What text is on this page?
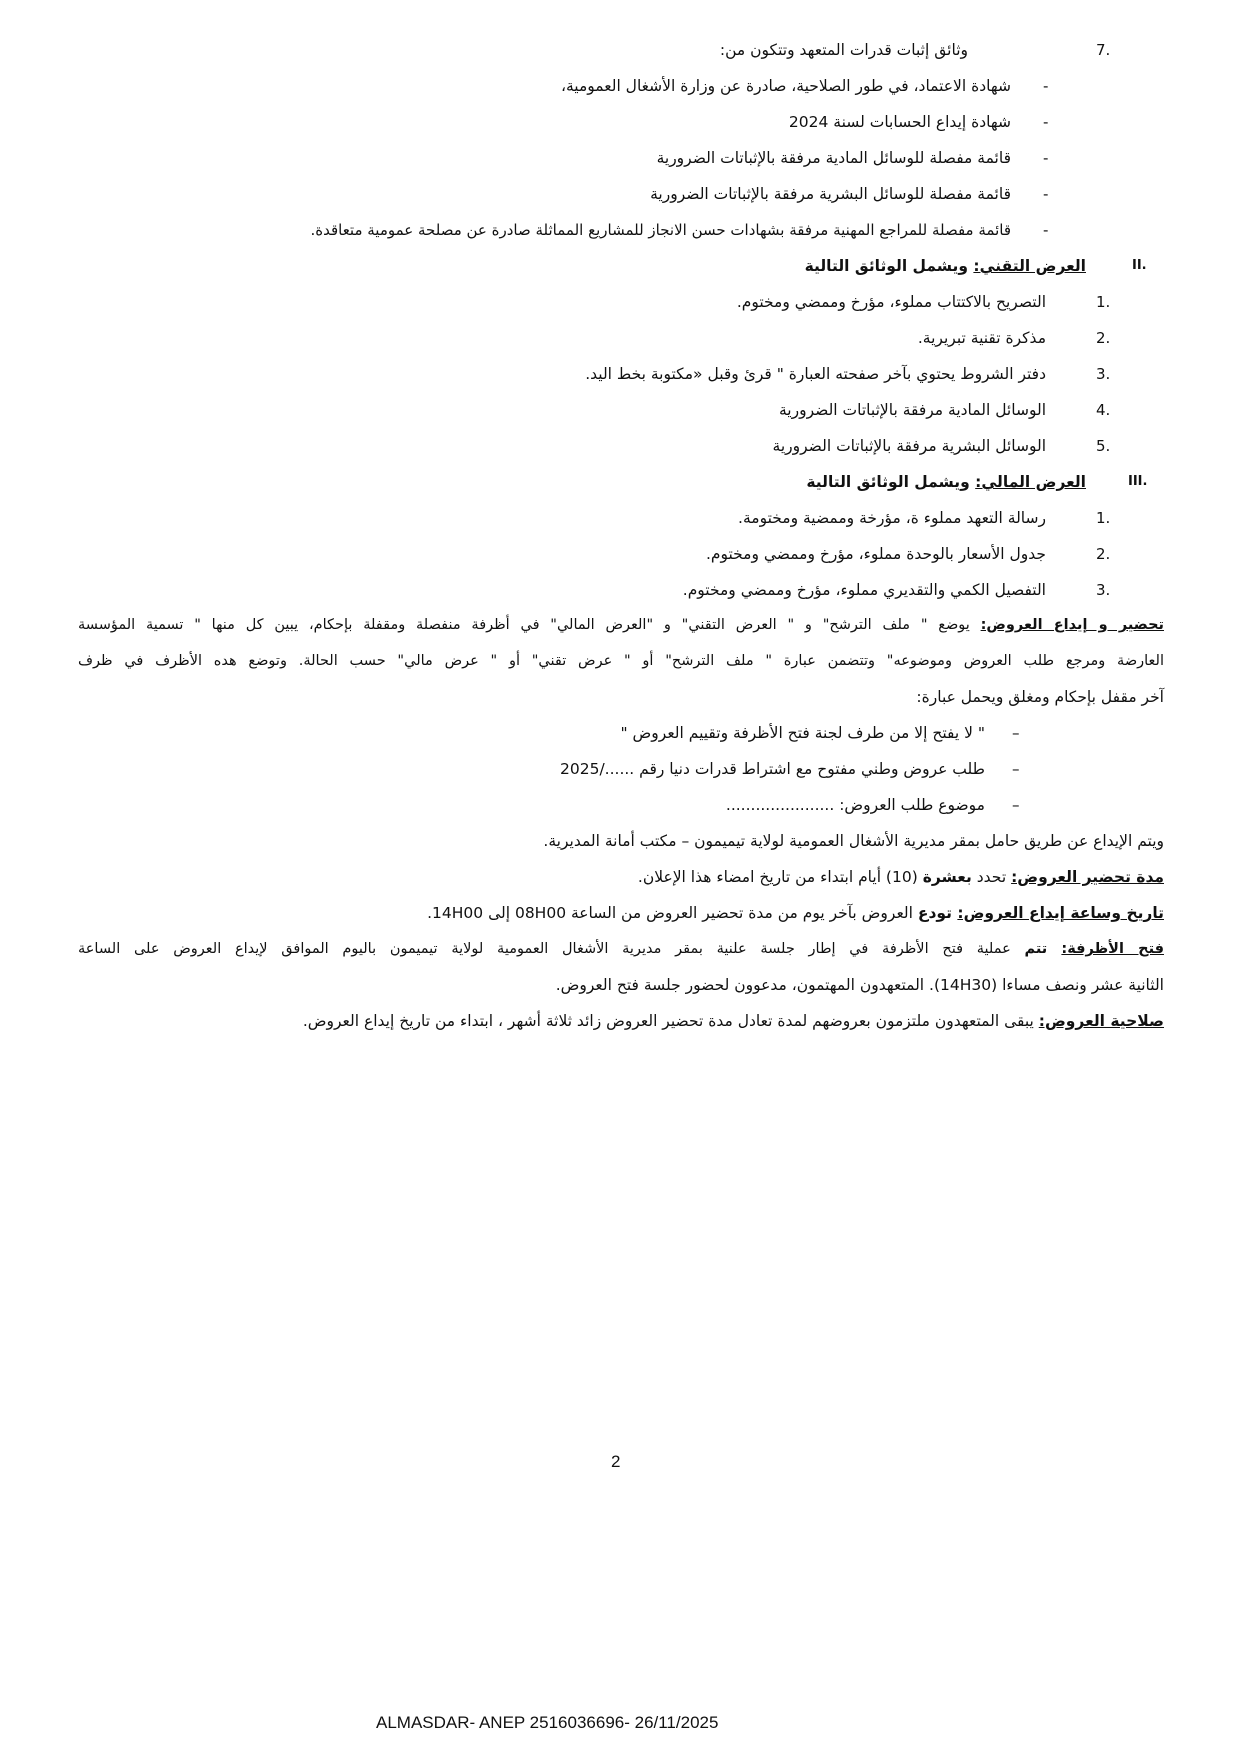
7.
وثائق إثبات قدرات المتعهد وتتكون من:
-
شهادة الاعتماد، في طور الصلاحية، صادرة عن وزارة الأشغال العمومية،
-
شهادة إيداع الحسابات لسنة 2024
-
قائمة مفصلة للوسائل المادية مرفقة بالإثباتات الضرورية
-
قائمة مفصلة للوسائل البشرية مرفقة بالإثباتات الضرورية
-
قائمة مفصلة للمراجع المهنية مرفقة بشهادات حسن الانجاز للمشاريع المماثلة صادرة عن مصلحة عمومية متعاقدة.
II.
العرض التقني: ويشمل الوثائق التالية
1.
التصريح بالاكتتاب مملوء، مؤرخ وممضي ومختوم.
2.
مذكرة تقنية تبريرية.
3.
دفتر الشروط يحتوي بآخر صفحته العبارة " قرئ وقبل «مكتوبة بخط اليد.
4.
الوسائل المادية مرفقة بالإثباتات الضرورية
5.
الوسائل البشرية مرفقة بالإثباتات الضرورية
III.
العرض المالي: ويشمل الوثائق التالية
1.
رسالة التعهد مملوء ة، مؤرخة وممضية ومختومة.
2.
جدول الأسعار بالوحدة مملوء، مؤرخ وممضي ومختوم.
3.
التفصيل الكمي والتقديري مملوء، مؤرخ وممضي ومختوم.
تحضير و إيداع العروض: يوضع " ملف الترشح" و " العرض التقني" و "العرض المالي" في أظرفة منفصلة ومقفلة بإحكام، يبين كل منها " تسمية المؤسسة
العارضة ومرجع طلب العروض وموضوعه" وتتضمن عبارة " ملف الترشح" أو " عرض تقني" أو " عرض مالي" حسب الحالة. وتوضع هده الأظرف في ظرف
آخر مقفل بإحكام ومغلق ويحمل عبارة:
–
" لا يفتح إلا من طرف لجنة فتح الأظرفة وتقييم العروض "
–
طلب عروض وطني مفتوح مع اشتراط قدرات دنيا رقم ....../2025
–
موضوع طلب العروض: ......................
ويتم الإيداع عن طريق حامل بمقر مديرية الأشغال العمومية لولاية تيميمون – مكتب أمانة المديرية.
مدة تحضير العروض: تحدد بعشرة (10) أيام ابتداء من تاريخ امضاء هذا الإعلان.
تاريخ وساعة إيداع العروض: تودع العروض بآخر يوم من مدة تحضير العروض من الساعة 08H00 إلى 14H00.
فتح الأظرفة: تتم عملية فتح الأظرفة في إطار جلسة علنية بمقر مديرية الأشغال العمومية لولاية تيميمون باليوم الموافق لإيداع العروض على الساعة
الثانية عشر ونصف مساءا (14H30). المتعهدون المهتمون، مدعوون لحضور جلسة فتح العروض.
صلاحية العروض: يبقى المتعهدون ملتزمون بعروضهم لمدة تعادل مدة تحضير العروض زائد ثلاثة أشهر ، ابتداء من تاريخ إيداع العروض.
2
ALMASDAR- ANEP 2516036696- 26/11/2025
